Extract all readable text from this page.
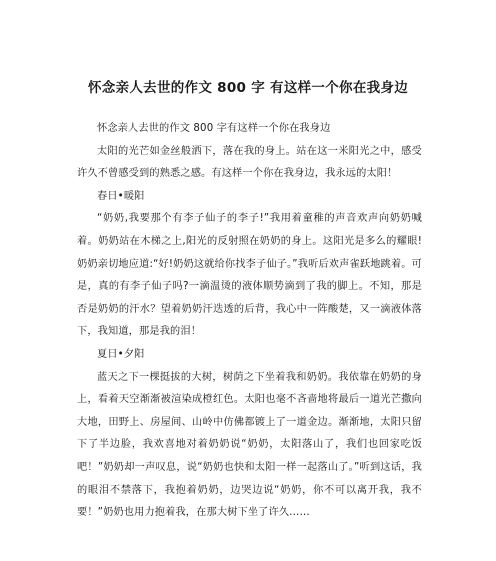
怀念亲人去世的作文 800 字 有这样一个你在我身边

怀念亲人去世的作文 800 字有这样一个你在我身边

太阳的光芒如金丝般洒下，落在我的身上。站在这一米阳光之中，感受许久不曾感受到的熟悉之感。有这样一个你在我身边，我永远的太阳！

春日•暖阳

“奶奶,我要那个有李子仙子的李子!”我用着童稚的声音欢声向奶奶喊着。奶奶站在木梯之上,阳光的反射照在奶奶的身上。这阳光是多么的耀眼!奶奶亲切地应道:“好!奶奶这就给你找李子仙子。”我听后欢声雀跃地跳着。可是，真的有李子仙子吗?一滴温烫的液体顺势滴到了我的脚上。不知，那是否是奶奶的汗水？望着奶奶汗迭透的后背，我心中一阵酸楚，又一滴液体落下，我知道，那是我的泪！

夏日•夕阳

蓝天之下一棵挺拔的大树，树荫之下坐着我和奶奶。我依靠在奶奶的身上，看着天空渐渐被渲染成橙红色。太阳也毫不吝啬地将最后一道光芒撒向大地，田野上、房屋间、山岭中仿佛都镀上了一道金边。渐渐地，太阳只留下了半边脸，我欢喜地对着奶奶说“奶奶，太阳落山了，我们也回家吃饭吧！”奶奶却一声叹息，说“奶奶也快和太阳一样一起落山了。”听到这话，我的眼泪不禁落下，我抱着奶奶，边哭边说“奶奶，你不可以离开我，我不要！”奶奶也用力抱着我，在那大树下坐了许久……
